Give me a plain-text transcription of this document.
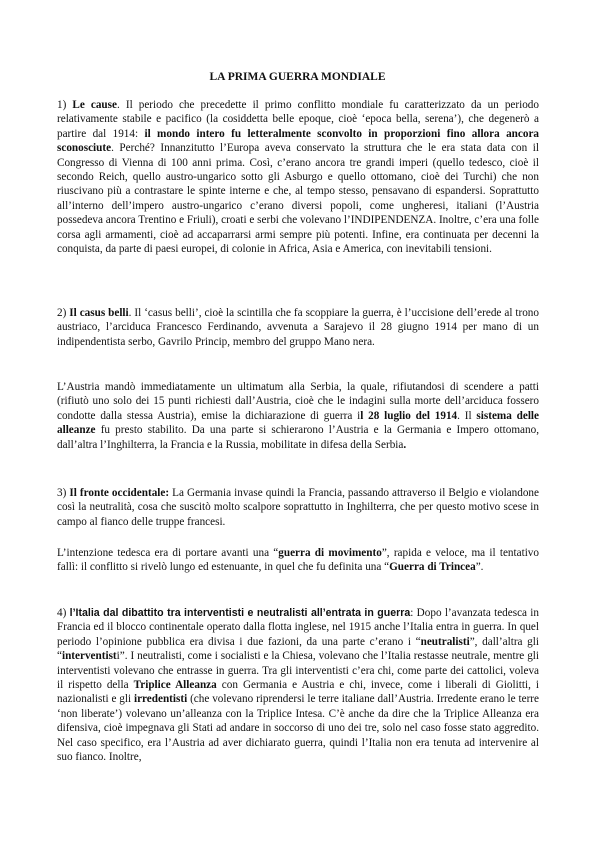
LA PRIMA GUERRA MONDIALE

1) Le cause. Il periodo che precedette il primo conflitto mondiale fu caratterizzato da un periodo relativamente stabile e pacifico (la cosiddetta belle epoque, cioè ‘epoca bella, serena’), che degenerò a partire dal 1914: il mondo intero fu letteralmente sconvolto in proporzioni fino allora ancora sconosciute. Perché? Innanzitutto l’Europa aveva conservato la struttura che le era stata data con il Congresso di Vienna di 100 anni prima. Così, c’erano ancora tre grandi imperi (quello tedesco, cioè il secondo Reich, quello austro-ungarico sotto gli Asburgo e quello ottomano, cioè dei Turchi) che non riuscivano più a contrastare le spinte interne e che, al tempo stesso, pensavano di espandersi. Soprattutto all’interno dell’impero austro-ungarico c’erano diversi popoli, come ungheresi, italiani (l’Austria possedeva ancora Trentino e Friuli), croati e serbi che volevano l’INDIPENDENZA. Inoltre, c’era una folle corsa agli armamenti, cioè ad accaparrarsi armi sempre più potenti. Infine, era continuata per decenni la conquista, da parte di paesi europei, di colonie in Africa, Asia e America, con inevitabili tensioni.

2) Il casus belli. Il ‘casus belli’, cioè la scintilla che fa scoppiare la guerra, è l’uccisione dell’erede al trono austriaco, l’arciduca Francesco Ferdinando, avvenuta a Sarajevo il 28 giugno 1914 per mano di un indipendentista serbo, Gavrilo Princip, membro del gruppo Mano nera.

L’Austria mandò immediatamente un ultimatum alla Serbia, la quale, rifiutandosi di scendere a patti (rifiutò uno solo dei 15 punti richiesti dall’Austria, cioè che le indagini sulla morte dell’arciduca fossero condotte dalla stessa Austria), emise la dichiarazione di guerra il 28 luglio del 1914. Il sistema delle alleanze fu presto stabilito. Da una parte si schierarono l’Austria e la Germania e Impero ottomano, dall’altra l’Inghilterra, la Francia e la Russia, mobilitate in difesa della Serbia.

3) Il fronte occidentale: La Germania invase quindi la Francia, passando attraverso il Belgio e violandone così la neutralità, cosa che suscitò molto scalpore soprattutto in Inghilterra, che per questo motivo scese in campo al fianco delle truppe francesi.

L’intenzione tedesca era di portare avanti una “guerra di movimento”, rapida e veloce, ma il tentativo fallì: il conflitto si rivelò lungo ed estenuante, in quel che fu definita una “Guerra di Trincea”.

4) l’Italia dal dibattito tra interventisti e neutralisti all’entrata in guerra: Dopo l’avanzata tedesca in Francia ed il blocco continentale operato dalla flotta inglese, nel 1915 anche l’Italia entra in guerra. In quel periodo l’opinione pubblica era divisa i due fazioni, da una parte c’erano i “neutralisti”, dall’altra gli “interventisti”. I neutralisti, come i socialisti e la Chiesa, volevano che l’Italia restasse neutrale, mentre gli interventisti volevano che entrasse in guerra. Tra gli interventisti c’era chi, come parte dei cattolici, voleva il rispetto della Triplice Alleanza con Germania e Austria e chi, invece, come i liberali di Giolitti, i nazionalisti e gli irredentisti (che volevano riprendersi le terre italiane dall’Austria. Irredente erano le terre ‘non liberate’) volevano un’alleanza con la Triplice Intesa. C’è anche da dire che la Triplice Alleanza era difensiva, cioè impegnava gli Stati ad andare in soccorso di uno dei tre, solo nel caso fosse stato aggredito. Nel caso specifico, era l’Austria ad aver dichiarato guerra, quindi l’Italia non era tenuta ad intervenire al suo fianco. Inoltre,
